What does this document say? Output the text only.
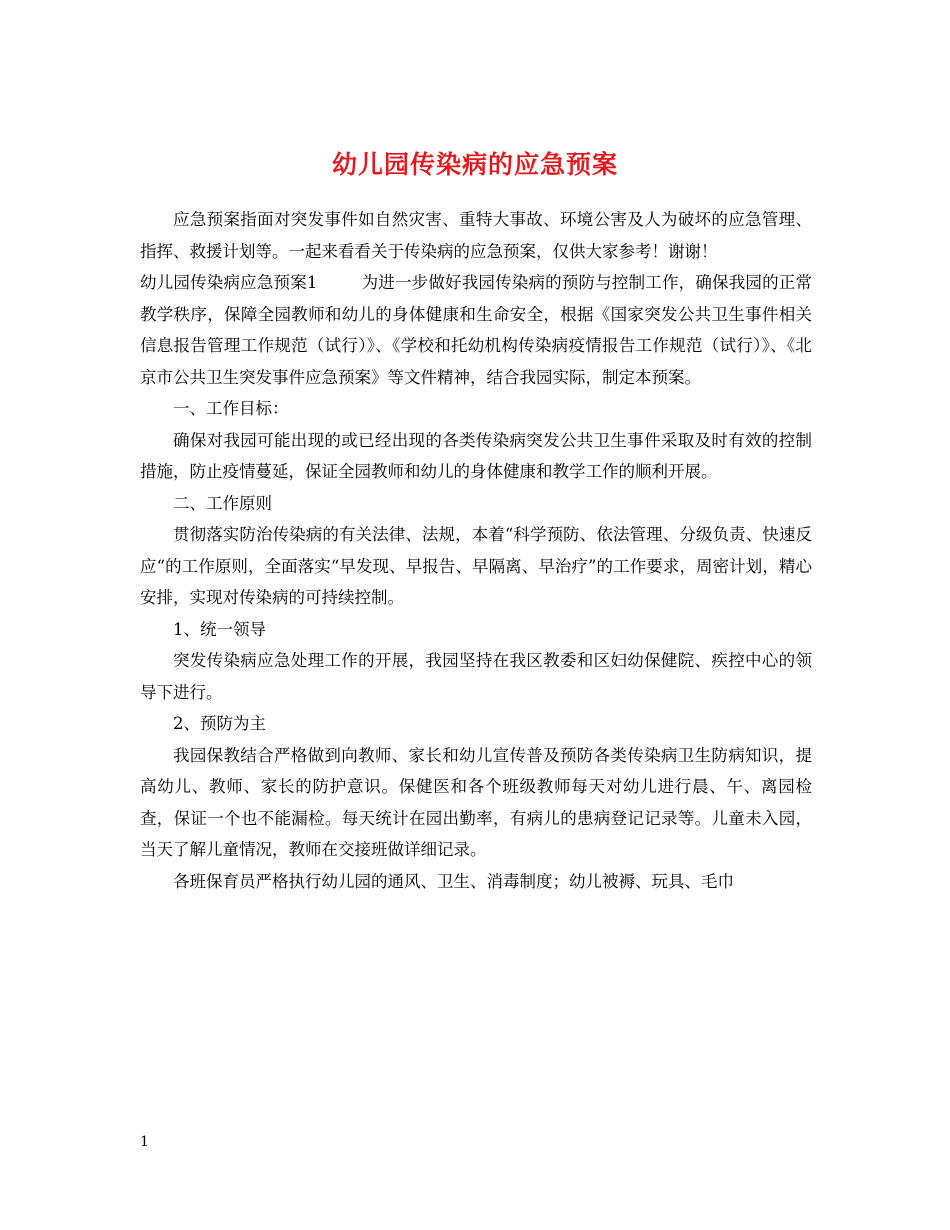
幼儿园传染病的应急预案

应急预案指面对突发事件如自然灾害、重特大事故、环境公害及人为破坏的应急管理、指挥、救援计划等。一起来看看关于传染病的应急预案，仅供大家参考！谢谢！

幼儿园传染病应急预案1	为进一步做好我园传染病的预防与控制工作，确保我园的正常教学秩序，保障全园教师和幼儿的身体健康和生命安全，根据《国家突发公共卫生事件相关信息报告管理工作规范（试行）》、《学校和托幼机构传染病疫情报告工作规范（试行）》、《北京市公共卫生突发事件应急预案》等文件精神，结合我园实际，制定本预案。

一、工作目标：

确保对我园可能出现的或已经出现的各类传染病突发公共卫生事件采取及时有效的控制措施，防止疫情蔓延，保证全园教师和幼儿的身体健康和教学工作的顺利开展。

二、工作原则

贯彻落实防治传染病的有关法律、法规，本着“科学预防、依法管理、分级负责、快速反应“的工作原则，全面落实“早发现、早报告、早隔离、早治疗”的工作要求，周密计划，精心安排，实现对传染病的可持续控制。

1、统一领导

突发传染病应急处理工作的开展，我园坚持在我区教委和区妇幼保健院、疾控中心的领导下进行。

2、预防为主

我园保教结合严格做到向教师、家长和幼儿宣传普及预防各类传染病卫生防病知识，提高幼儿、教师、家长的防护意识。保健医和各个班级教师每天对幼儿进行晨、午、离园检查，保证一个也不能漏检。每天统计在园出勤率，有病儿的患病登记记录等。儿童未入园，当天了解儿童情况，教师在交接班做详细记录。

各班保育员严格执行幼儿园的通风、卫生、消毒制度；幼儿被褥、玩具、毛巾

1
